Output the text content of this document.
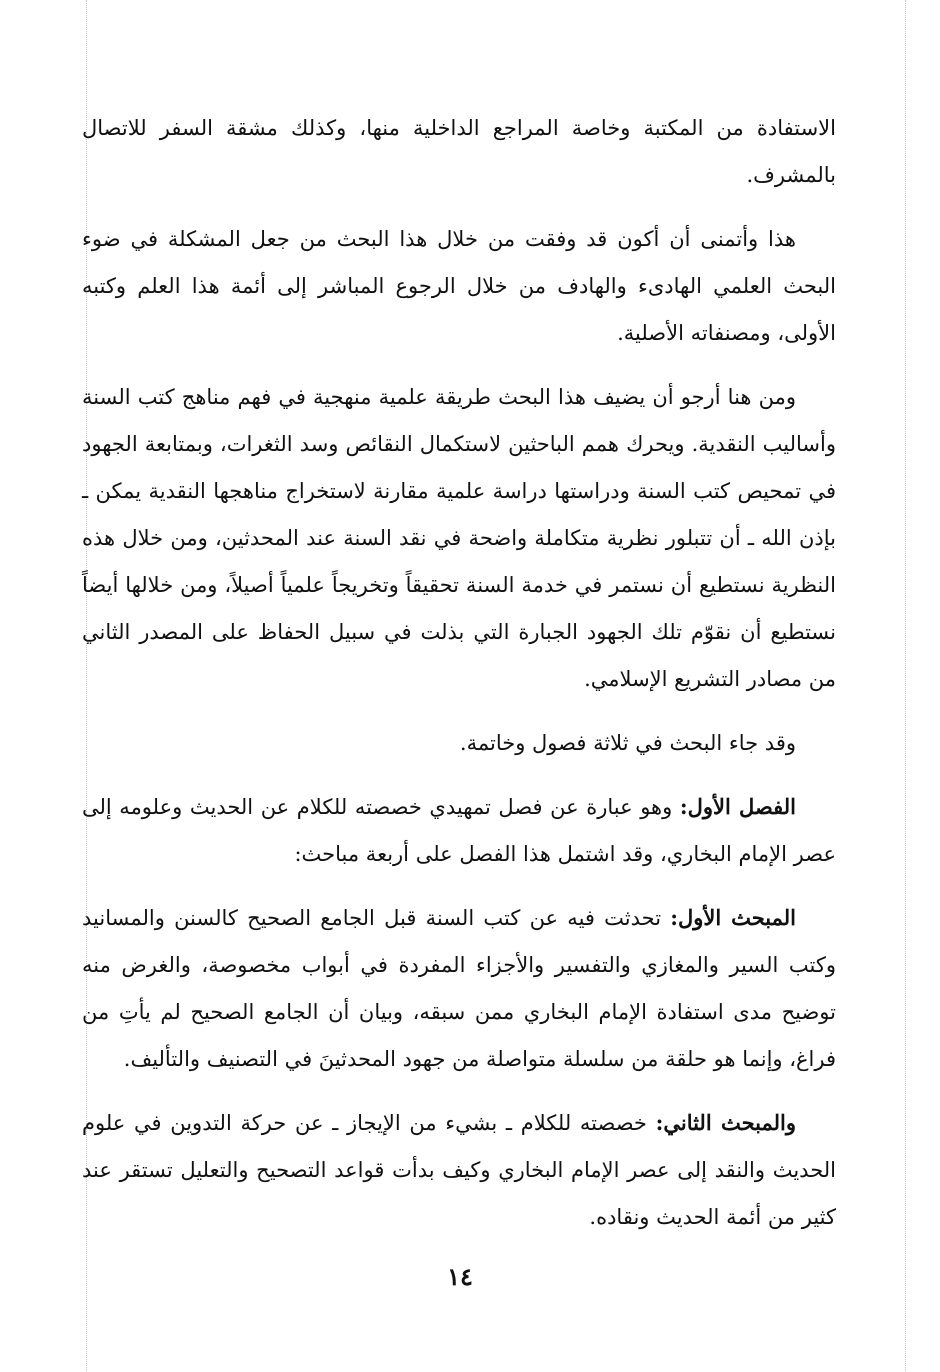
الاستفادة من المكتبة وخاصة المراجع الداخلية منها، وكذلك مشقة السفر للاتصال بالمشرف.

هذا وأتمنى أن أكون قد وفقت من خلال هذا البحث من جعل المشكلة في ضوء البحث العلمي الهادىء والهادف من خلال الرجوع المباشر إلى أئمة هذا العلم وكتبه الأولى، ومصنفاته الأصلية.

ومن هنا أرجو أن يضيف هذا البحث طريقة علمية منهجية في فهم مناهج كتب السنة وأساليب النقدية. ويحرك همم الباحثين لاستكمال النقائص وسد الثغرات، وبمتابعة الجهود في تمحيص كتب السنة ودراستها دراسة علمية مقارنة لاستخراج مناهجها النقدية يمكن ـ بإذن الله ـ أن تتبلور نظرية متكاملة واضحة في نقد السنة عند المحدثين، ومن خلال هذه النظرية نستطيع أن نستمر في خدمة السنة تحقيقاً وتخريجاً علمياً أصيلاً، ومن خلالها أيضاً نستطيع أن نقوّم تلك الجهود الجبارة التي بذلت في سبيل الحفاظ على المصدر الثاني من مصادر التشريع الإسلامي.

وقد جاء البحث في ثلاثة فصول وخاتمة.

الفصل الأول: وهو عبارة عن فصل تمهيدي خصصته للكلام عن الحديث وعلومه إلى عصر الإمام البخاري، وقد اشتمل هذا الفصل على أربعة مباحث:

المبحث الأول: تحدثت فيه عن كتب السنة قبل الجامع الصحيح كالسنن والمسانيد وكتب السير والمغازي والتفسير والأجزاء المفردة في أبواب مخصوصة، والغرض منه توضيح مدى استفادة الإمام البخاري ممن سبقه، وبيان أن الجامع الصحيح لم يأتِ من فراغ، وإنما هو حلقة من سلسلة متواصلة من جهود المحدثينَ في التصنيف والتأليف.

والمبحث الثاني: خصصته للكلام ـ بشيء من الإيجاز ـ عن حركة التدوين في علوم الحديث والنقد إلى عصر الإمام البخاري وكيف بدأت قواعد التصحيح والتعليل تستقر عند كثير من أئمة الحديث ونقاده.

١٤
